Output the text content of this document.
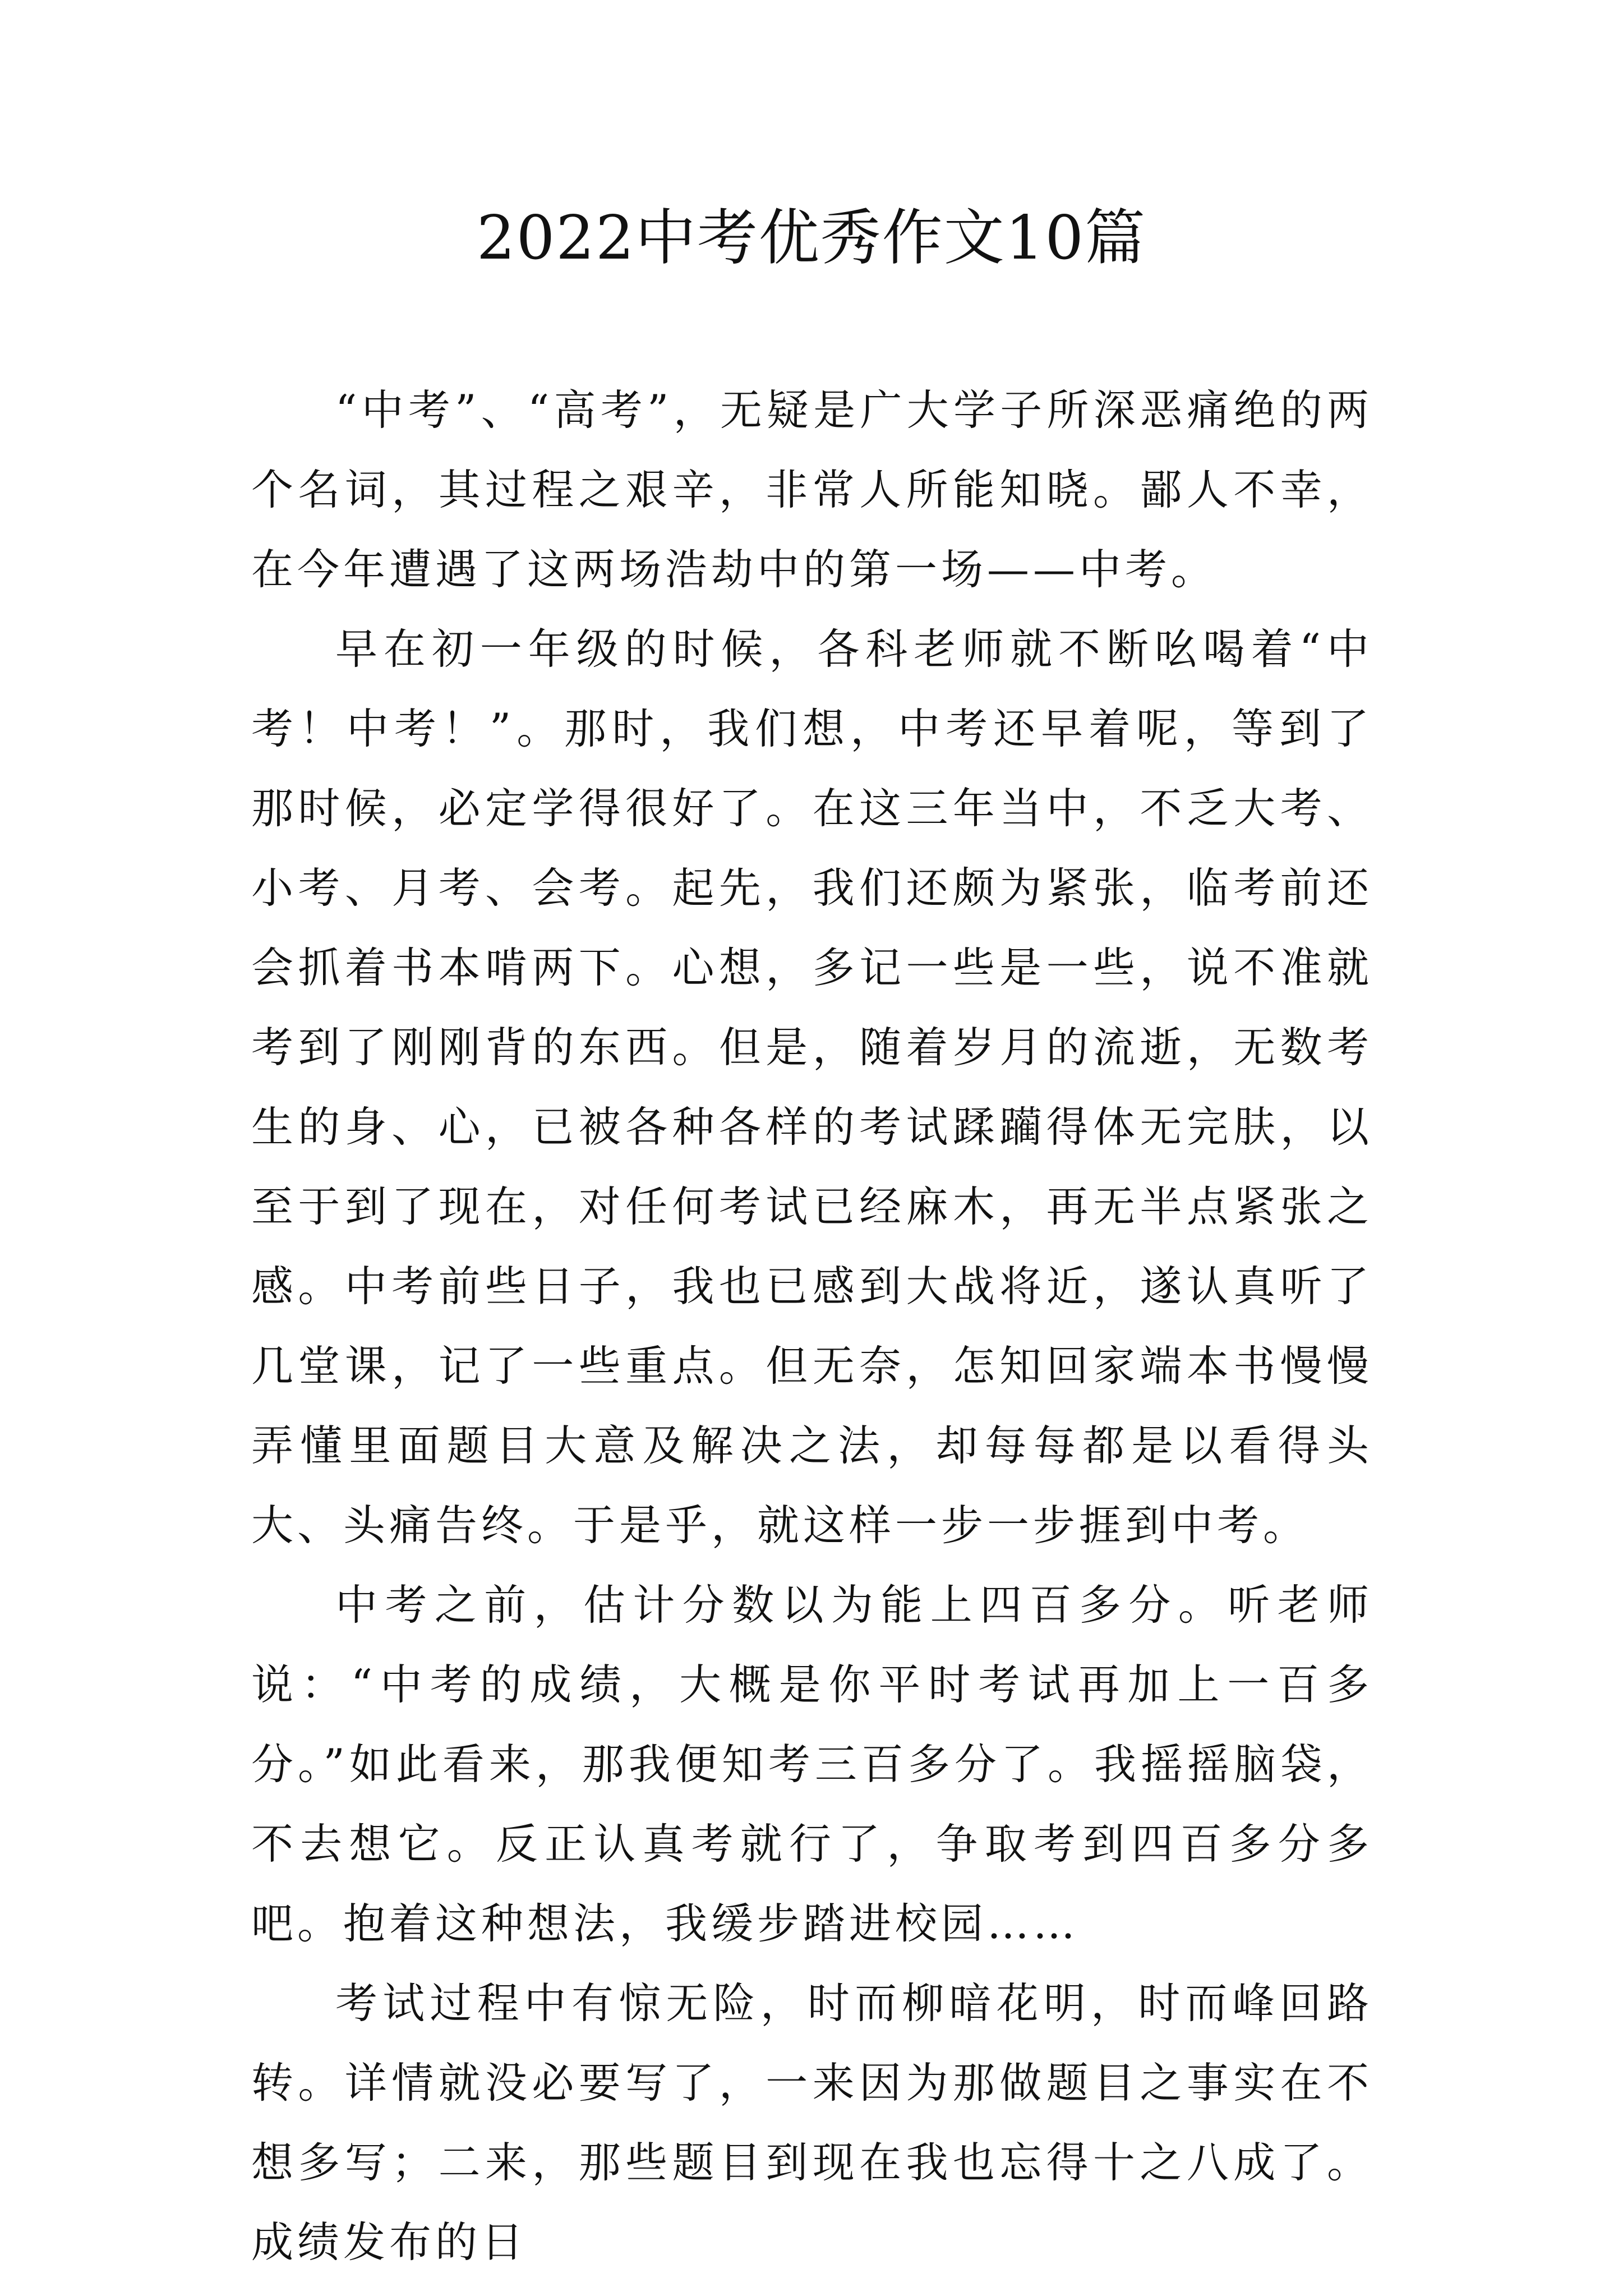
2022中考优秀作文10篇

“中考”、“高考”，无疑是广大学子所深恶痛绝的两个名词，其过程之艰辛，非常人所能知晓。鄙人不幸，在今年遭遇了这两场浩劫中的第一场——中考。

早在初一年级的时候，各科老师就不断吆喝着“中考！中考！”。那时，我们想，中考还早着呢，等到了那时候，必定学得很好了。在这三年当中，不乏大考、小考、月考、会考。起先，我们还颇为紧张，临考前还会抓着书本啃两下。心想，多记一些是一些，说不准就考到了刚刚背的东西。但是，随着岁月的流逝，无数考生的身、心，已被各种各样的考试蹂躏得体无完肤，以至于到了现在，对任何考试已经麻木，再无半点紧张之感。中考前些日子，我也已感到大战将近，遂认真听了几堂课，记了一些重点。但无奈，怎知回家端本书慢慢弄懂里面题目大意及解决之法，却每每都是以看得头大、头痛告终。于是乎，就这样一步一步捱到中考。

中考之前，估计分数以为能上四百多分。听老师说：“中考的成绩，大概是你平时考试再加上一百多分。”如此看来，那我便知考三百多分了。我摇摇脑袋，不去想它。反正认真考就行了，争取考到四百多分多吧。抱着这种想法，我缓步踏进校园……

考试过程中有惊无险，时而柳暗花明，时而峰回路转。详情就没必要写了，一来因为那做题目之事实在不想多写；二来，那些题目到现在我也忘得十之八成了。成绩发布的日
